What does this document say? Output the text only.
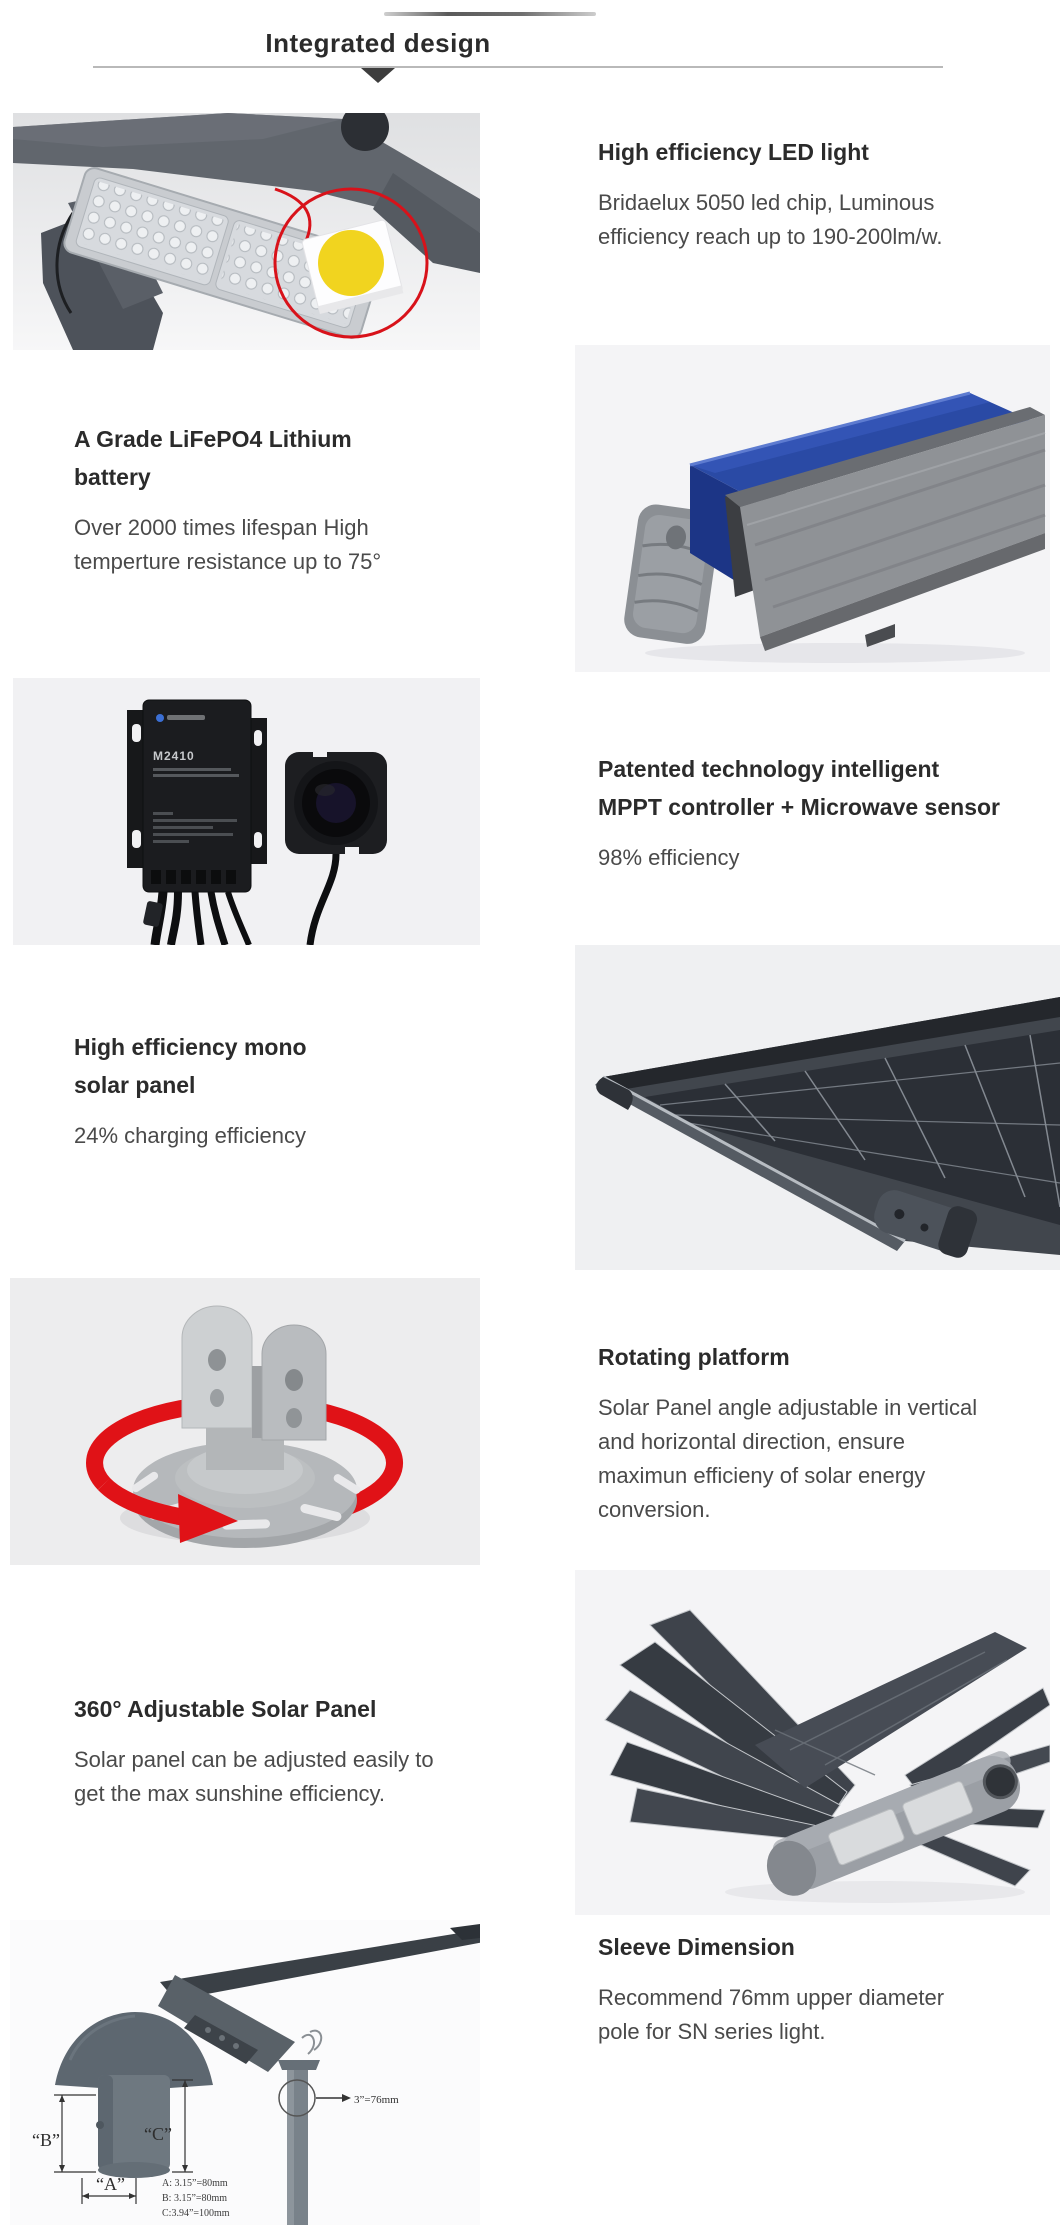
Integrated design
High efficiency LED light
Bridaelux 5050 led chip, Luminous
efficiency reach up to 190-200lm/w.
A Grade LiFePO4 Lithium
battery
Over 2000 times lifespan High
temperture resistance up to 75°
M2410	Patented technology intelligent
MPPT controller + Microwave sensor
98% efficiency
High efficiency mono
solar panel
24% charging efficiency
Rotating platform
Solar Panel angle adjustable in vertical
and horizontal direction, ensure
maximun efficieny of solar energy
conversion.
360° Adjustable Solar Panel
Solar panel can be adjusted easily to
get the max sunshine efficiency.
3”=76mm
“B”	“C”
“A”	A: 3.15”=80mm
B: 3.15”=80mm
C:3.94”=100mm
Sleeve Dimension
Recommend 76mm upper diameter
pole for SN series light.
